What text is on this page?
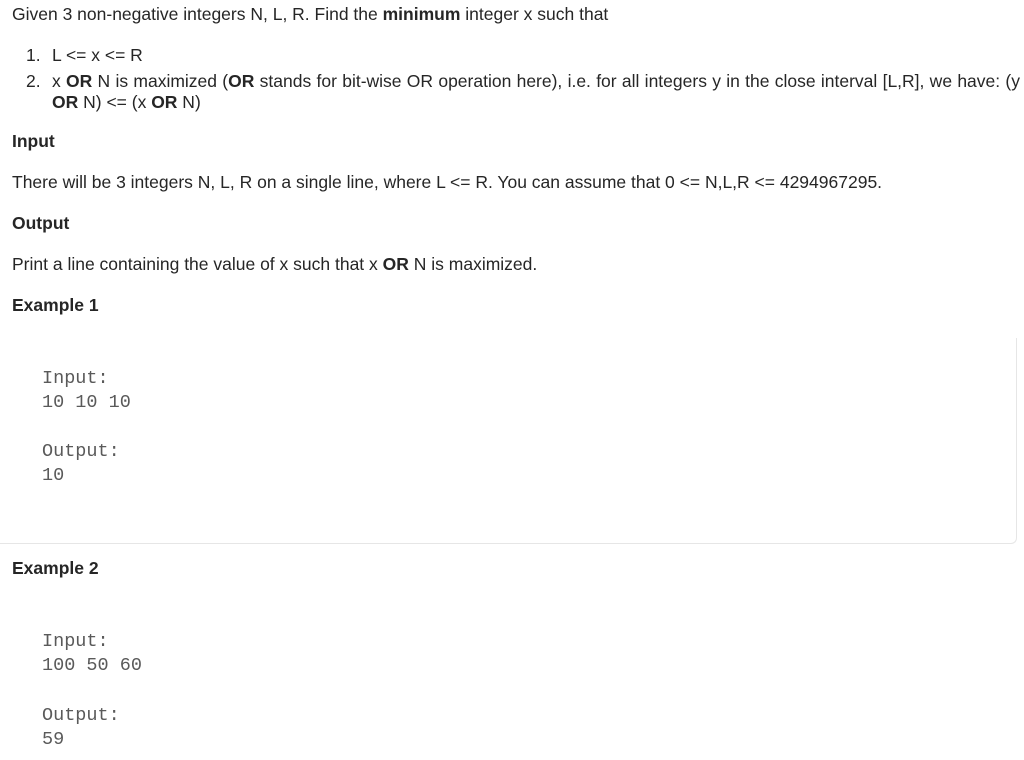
Given 3 non-negative integers N, L, R. Find the minimum integer x such that
1. L <= x <= R
2. x OR N is maximized (OR stands for bit-wise OR operation here), i.e. for all integers y in the close interval [L,R], we have: (y OR N) <= (x OR N)
Input
There will be 3 integers N, L, R on a single line, where L <= R. You can assume that 0 <= N,L,R <= 4294967295.
Output
Print a line containing the value of x such that x OR N is maximized.
Example 1
Input:
10 10 10
Output:
10
Example 2
Input:
100 50 60
Output:
59
